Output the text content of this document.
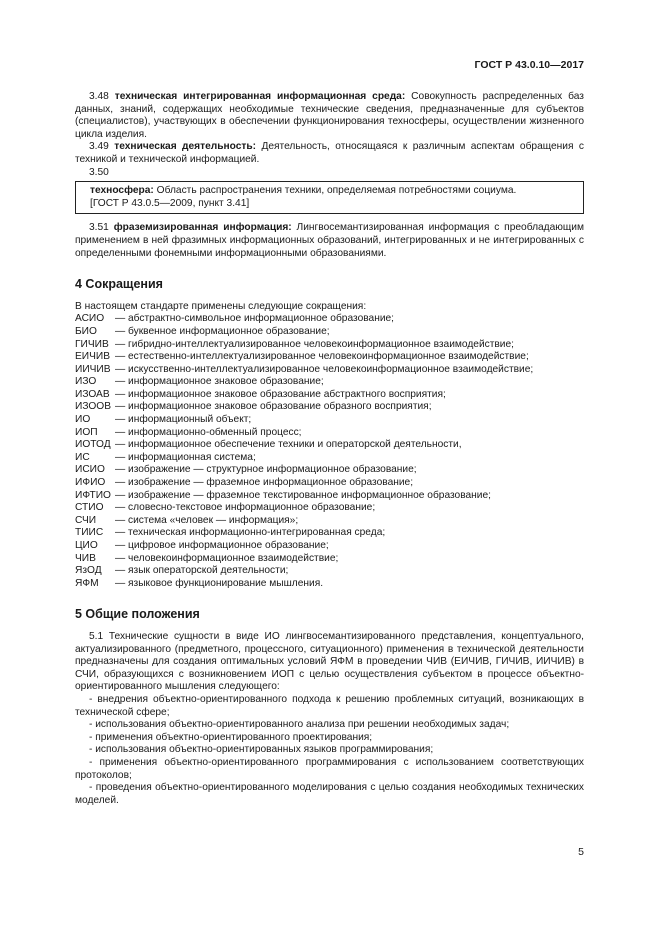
ГОСТ Р 43.0.10—2017

3.48 техническая интегрированная информационная среда: Совокупность распределенных баз данных, знаний, содержащих необходимые технические сведения, предназначенные для субъектов (специалистов), участвующих в обеспечении функционирования техносферы, осуществлении жизненного цикла изделия.

3.49 техническая деятельность: Деятельность, относящаяся к различным аспектам обращения с техникой и технической информацией.

3.50

техносфера: Область распространения техники, определяемая потребностями социума.

[ГОСТ Р 43.0.5—2009, пункт 3.41]

3.51 фраземизированная информация: Лингвосемантизированная информация с преобладающим применением в ней фразимных информационных образований, интегрированных и не интегрированных с определенными фонемными информационными образованиями.

4 Сокращения

В настоящем стандарте применены следующие сокращения:

АСИО	— абстрактно-символьное информационное образование;
БИО	— буквенное информационное образование;
ГИЧИВ — гибридно-интеллектуализированное человекоинформационное взаимодействие;
ЕИЧИВ — естественно-интеллектуализированное человекоинформационное взаимодействие;
ИИЧИВ — искусственно-интеллектуализированное человекоинформационное взаимодействие;
ИЗО	— информационное знаковое образование;
ИЗОАВ — информационное знаковое образование абстрактного восприятия;
ИЗООВ — информационное знаковое образование образного восприятия;
ИО	— информационный объект;
ИОП	— информационно-обменный процесс;
ИОТОД — информационное обеспечение техники и операторской деятельности,
ИС	— информационная система;
ИСИО — изображение — структурное информационное образование;
ИФИО — изображение — фраземное информационное образование;
ИФТИО — изображение — фраземное текстированное информационное образование;
СТИО	— словесно-текстовое информационное образование;
СЧИ	— система «человек — информация»;
ТИИС	— техническая информационно-интегрированная среда;
ЦИО	— цифровое информационное образование;
ЧИВ	— человекоинформационное взаимодействие;
ЯзОД	— язык операторской деятельности;
ЯФМ	— языковое функционирование мышления.
5 Общие положения

5.1 Технические сущности в виде ИО лингвосемантизированного представления, концептуального, актуализированного (предметного, процессного, ситуационного) применения в технической деятельности предназначены для создания оптимальных условий ЯФМ в проведении ЧИВ (ЕИЧИВ, ГИЧИВ, ИИЧИВ) в СЧИ, образующихся с возникновением ИОП с целью осуществления субъектом в процессе объектно-ориентированного мышления следующего:

- внедрения объектно-ориентированного подхода к решению проблемных ситуаций, возникающих в технической сфере;

- использования объектно-ориентированного анализа при решении необходимых задач;

- применения объектно-ориентированного проектирования;

- использования объектно-ориентированных языков программирования;

- применения объектно-ориентированного программирования с использованием соответствующих протоколов;

- проведения объектно-ориентированного моделирования с целью создания необходимых технических моделей.

5
